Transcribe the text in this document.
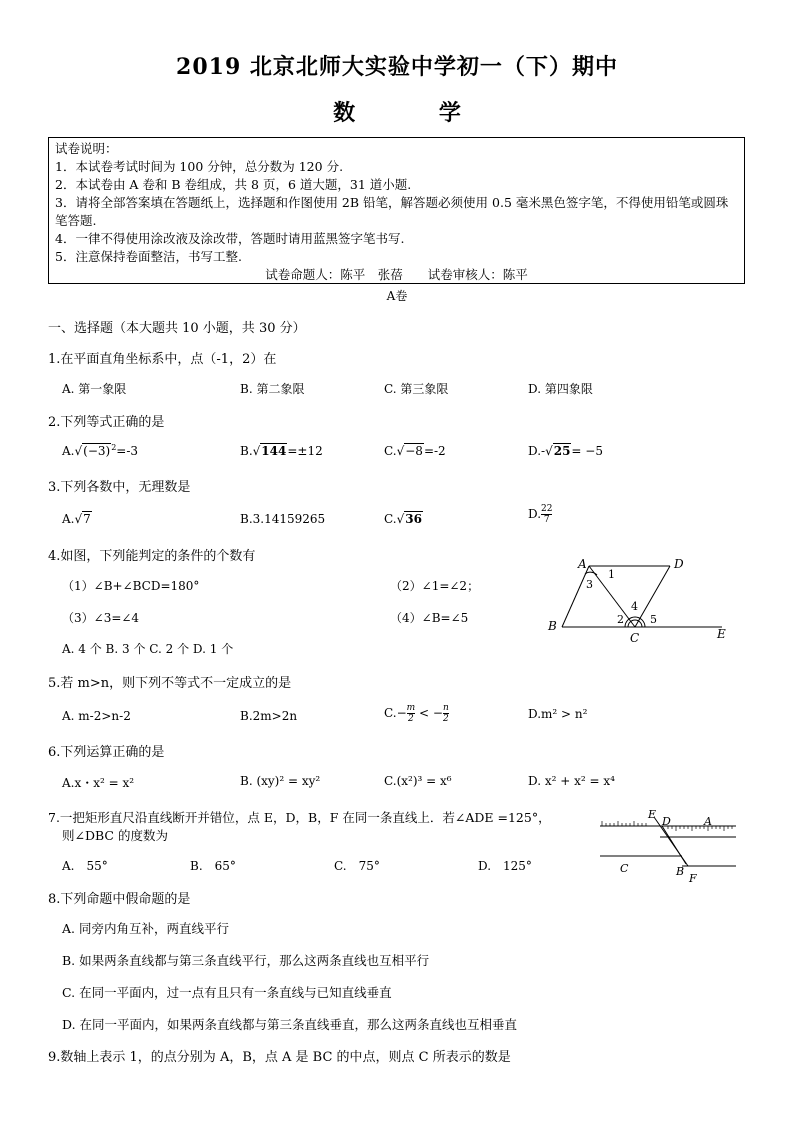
2019 北京北师大实验中学初一（下）期中
数 学
试卷说明：
1．本试卷考试时间为 100 分钟，总分数为 120 分.
2．本试卷由 A 卷和 B 卷组成，共 8 页，6 道大题，31 道小题.
3．请将全部答案填在答题纸上，选择题和作图使用 2B 铅笔，解答题必须使用 0.5 毫米黑色签字笔，不得使用铅笔或圆珠笔答题.
4．一律不得使用涂改液及涂改带，答题时请用蓝黑签字笔书写.
5．注意保持卷面整洁，书写工整.
试卷命题人：陈平　张蓓　　试卷审核人：陈平
A卷
一、选择题（本大题共 10 小题，共 30 分）
1.在平面直角坐标系中，点（-1，2）在
A. 第一象限	B. 第二象限	C. 第三象限	D. 第四象限
2.下列等式正确的是
$A.√(-3)^2=-3$	B.√144=±12	C.√−8=-2	D.-√25= −5
3.下列各数中，无理数是
A.√7	B.3.14159265	C.√36	D. $\frac{22}{7}$
4.如图，下列能判定的条件的个数有
（1）∠B+∠BCD=180°	（2）∠1=∠2；
（3）∠3=∠4	（4）∠B=∠5
A. 4 个 B. 3 个 C. 2 个 D. 1 个
A	D
B
C	E
1
3
2
4
5
5.若 m>n，则下列不等式不一定成立的是
A. m-2>n-2	B.2m>2n	$C.- \frac{m}{2}$ < − $\frac{n}{2}$	D.m² > n²
6.下列运算正确的是
A.x・x² = x²	B. (xy)² = xy²	C.(x²)³ = x⁶	D. x² + x² = x⁴
7.一把矩形直尺沿直线断开并错位，点 E，D，B，F 在同一条直线上．若∠ADE =125°，
则∠DBC 的度数为
A.　55°	B.　65°	C.　75°	D.　125°
E
D	A
C	B
F
8.下列命题中假命题的是
A. 同旁内角互补，两直线平行
B. 如果两条直线都与第三条直线平行，那么这两条直线也互相平行
C. 在同一平面内，过一点有且只有一条直线与已知直线垂直
D. 在同一平面内，如果两条直线都与第三条直线垂直，那么这两条直线也互相垂直
9.数轴上表示 1，的点分别为 A，B，点 A 是 BC 的中点，则点 C 所表示的数是
